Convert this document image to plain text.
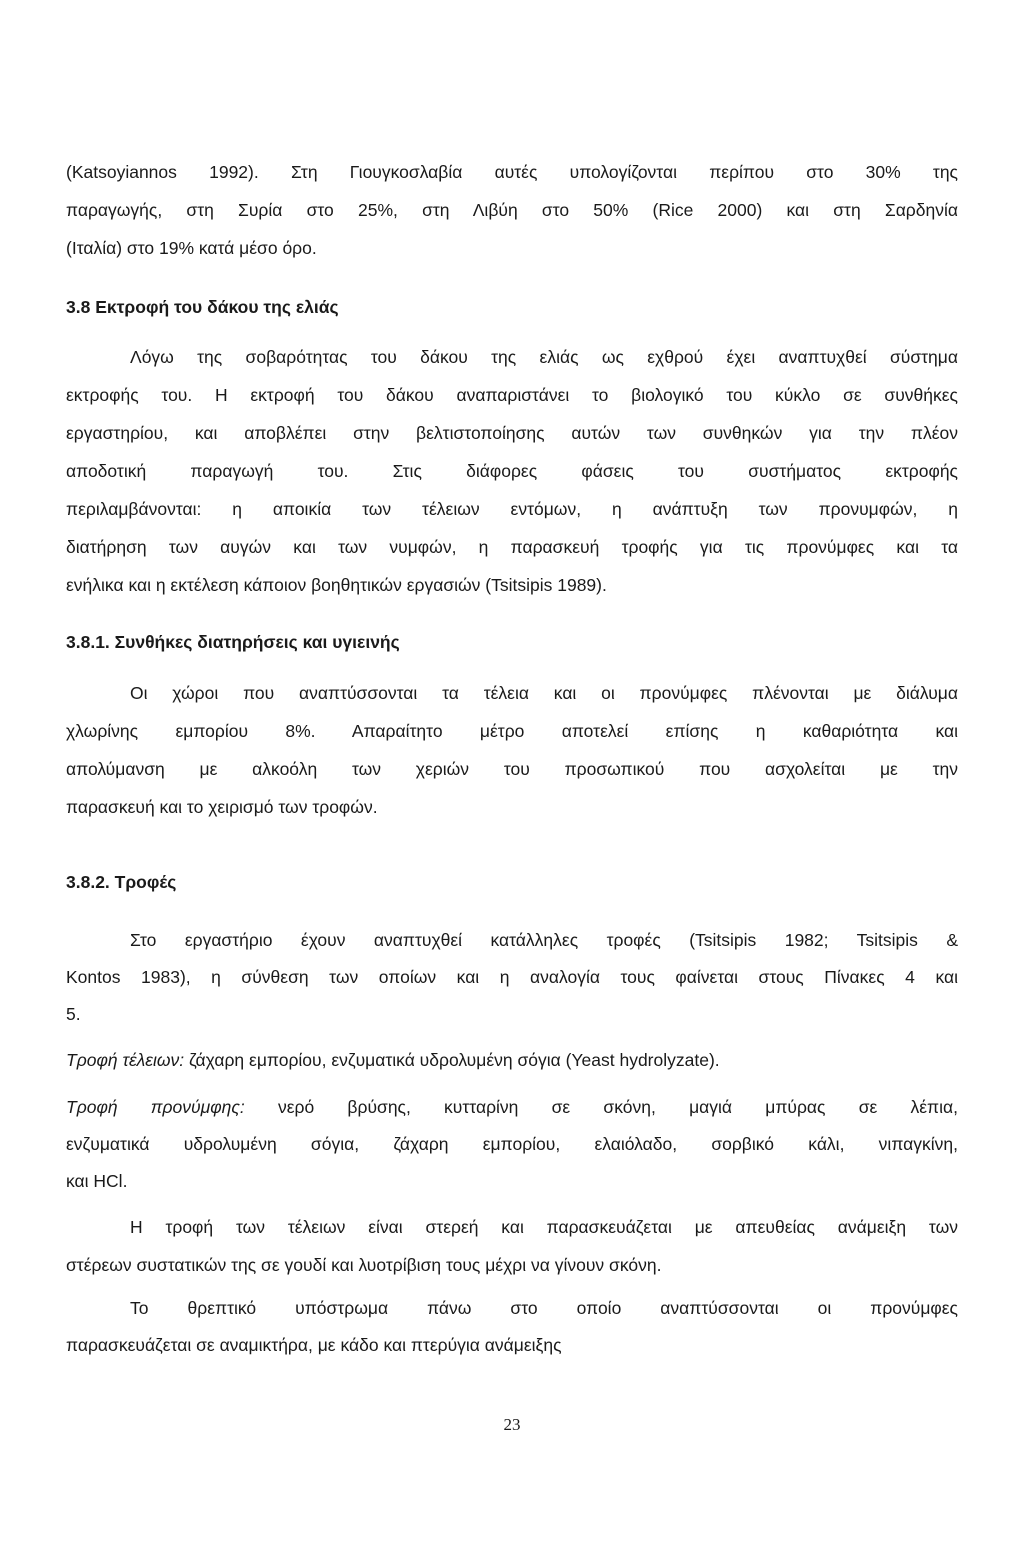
(Katsoyiannos 1992). Στη Γιουγκοσλαβία αυτές υπολογίζονται περίπου στο 30% της
παραγωγής, στη Συρία στο 25%, στη Λιβύη στο 50% (Rice 2000) και στη Σαρδηνία
(Ιταλία) στο 19% κατά μέσο όρο.
3.8 Εκτροφή του δάκου της ελιάς
Λόγω της σοβαρότητας του δάκου της ελιάς ως εχθρού έχει αναπτυχθεί σύστημα
εκτροφής του. Η εκτροφή του δάκου αναπαριστάνει το βιολογικό του κύκλο σε συνθήκες
εργαστηρίου, και αποβλέπει στην βελτιστοποίησης αυτών των συνθηκών για την πλέον
αποδοτική παραγωγή του. Στις διάφορες φάσεις του συστήματος εκτροφής
περιλαμβάνονται: η αποικία των τέλειων εντόμων, η ανάπτυξη των προνυμφών, η
διατήρηση των αυγών και των νυμφών, η παρασκευή τροφής για τις προνύμφες και τα
ενήλικα και η εκτέλεση κάποιον βοηθητικών εργασιών (Tsitsipis 1989).
3.8.1. Συνθήκες διατηρήσεις και υγιεινής
Οι χώροι που αναπτύσσονται τα τέλεια και οι προνύμφες πλένονται με διάλυμα
χλωρίνης εμπορίου 8%. Απαραίτητο μέτρο αποτελεί επίσης η καθαριότητα και
απολύμανση με αλκοόλη των χεριών του προσωπικού που ασχολείται με την
παρασκευή και το χειρισμό των τροφών.
3.8.2. Τροφές
Στο εργαστήριο έχουν αναπτυχθεί κατάλληλες τροφές (Tsitsipis 1982; Tsitsipis &
Kontos 1983), η σύνθεση των οποίων και η αναλογία τους φαίνεται στους Πίνακες 4 και
5.
Τροφή τέλειων: ζάχαρη εμπορίου, ενζυματικά υδρολυμένη σόγια (Yeast hydrolyzate).
Τροφή προνύμφης: νερό βρύσης, κυτταρίνη σε σκόνη, μαγιά μπύρας σε λέπια,
ενζυματικά υδρολυμένη σόγια, ζάχαρη εμπορίου, ελαιόλαδο, σορβικό κάλι, νιπαγκίνη,
και HCl.
Η τροφή των τέλειων είναι στερεή και παρασκευάζεται με απευθείας ανάμειξη των
στέρεων συστατικών της σε γουδί και λυοτρίβιση τους μέχρι να γίνουν σκόνη.
Το θρεπτικό υπόστρωμα πάνω στο οποίο αναπτύσσονται οι προνύμφες
παρασκευάζεται σε αναμικτήρα, με κάδο και πτερύγια ανάμειξης
23
